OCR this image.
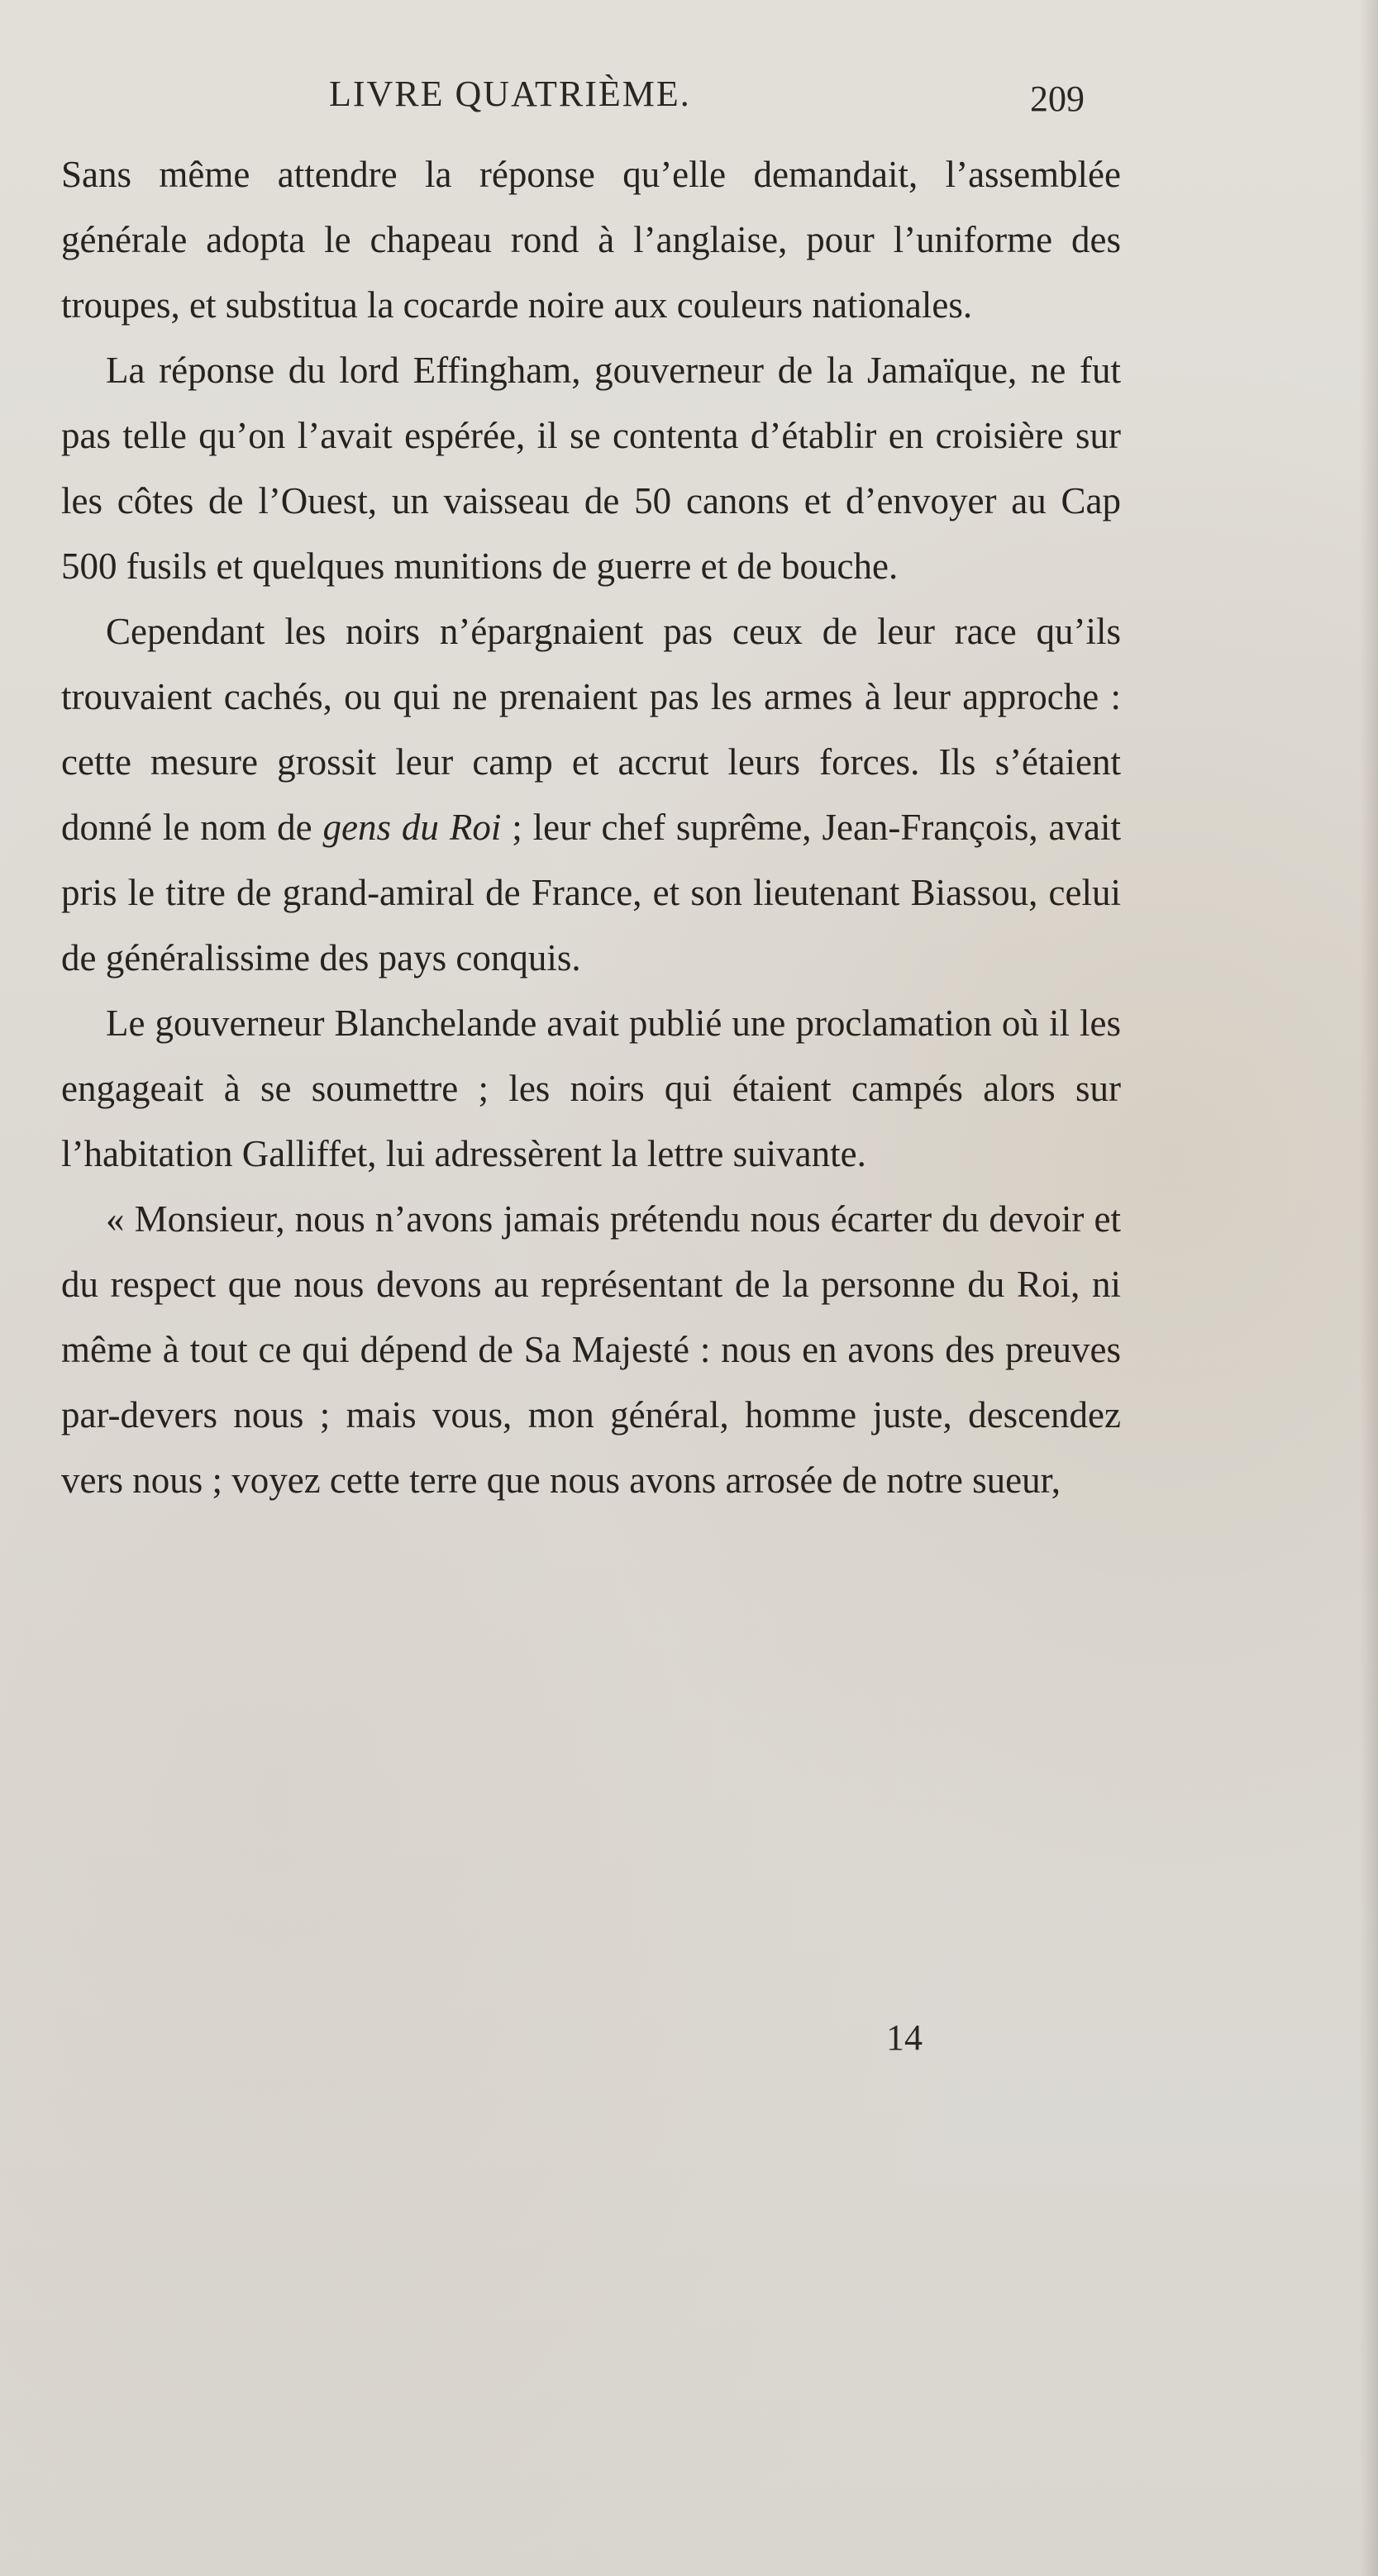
LIVRE QUATRIÈME.	209

Sans même attendre la réponse qu’elle demandait, l’assemblée générale adopta le chapeau rond à l’anglaise, pour l’uniforme des troupes, et substitua la cocarde noire aux couleurs nationales.

La réponse du lord Effingham, gouverneur de la Jamaïque, ne fut pas telle qu’on l’avait espérée, il se contenta d’établir en croisière sur les côtes de l’Ouest, un vaisseau de 50 canons et d’envoyer au Cap 500 fusils et quelques munitions de guerre et de bouche.

Cependant les noirs n’épargnaient pas ceux de leur race qu’ils trouvaient cachés, ou qui ne prenaient pas les armes à leur approche : cette mesure grossit leur camp et accrut leurs forces. Ils s’étaient donné le nom de gens du Roi ; leur chef suprême, Jean-François, avait pris le titre de grand-amiral de France, et son lieutenant Biassou, celui de généralissime des pays conquis.

Le gouverneur Blanchelande avait publié une proclamation où il les engageait à se soumettre ; les noirs qui étaient campés alors sur l’habitation Galliffet, lui adressèrent la lettre suivante.

« Monsieur, nous n’avons jamais prétendu nous écarter du devoir et du respect que nous devons au représentant de la personne du Roi, ni même à tout ce qui dépend de Sa Majesté : nous en avons des preuves par-devers nous ; mais vous, mon général, homme juste, descendez vers nous ; voyez cette terre que nous avons arrosée de notre sueur,

14
